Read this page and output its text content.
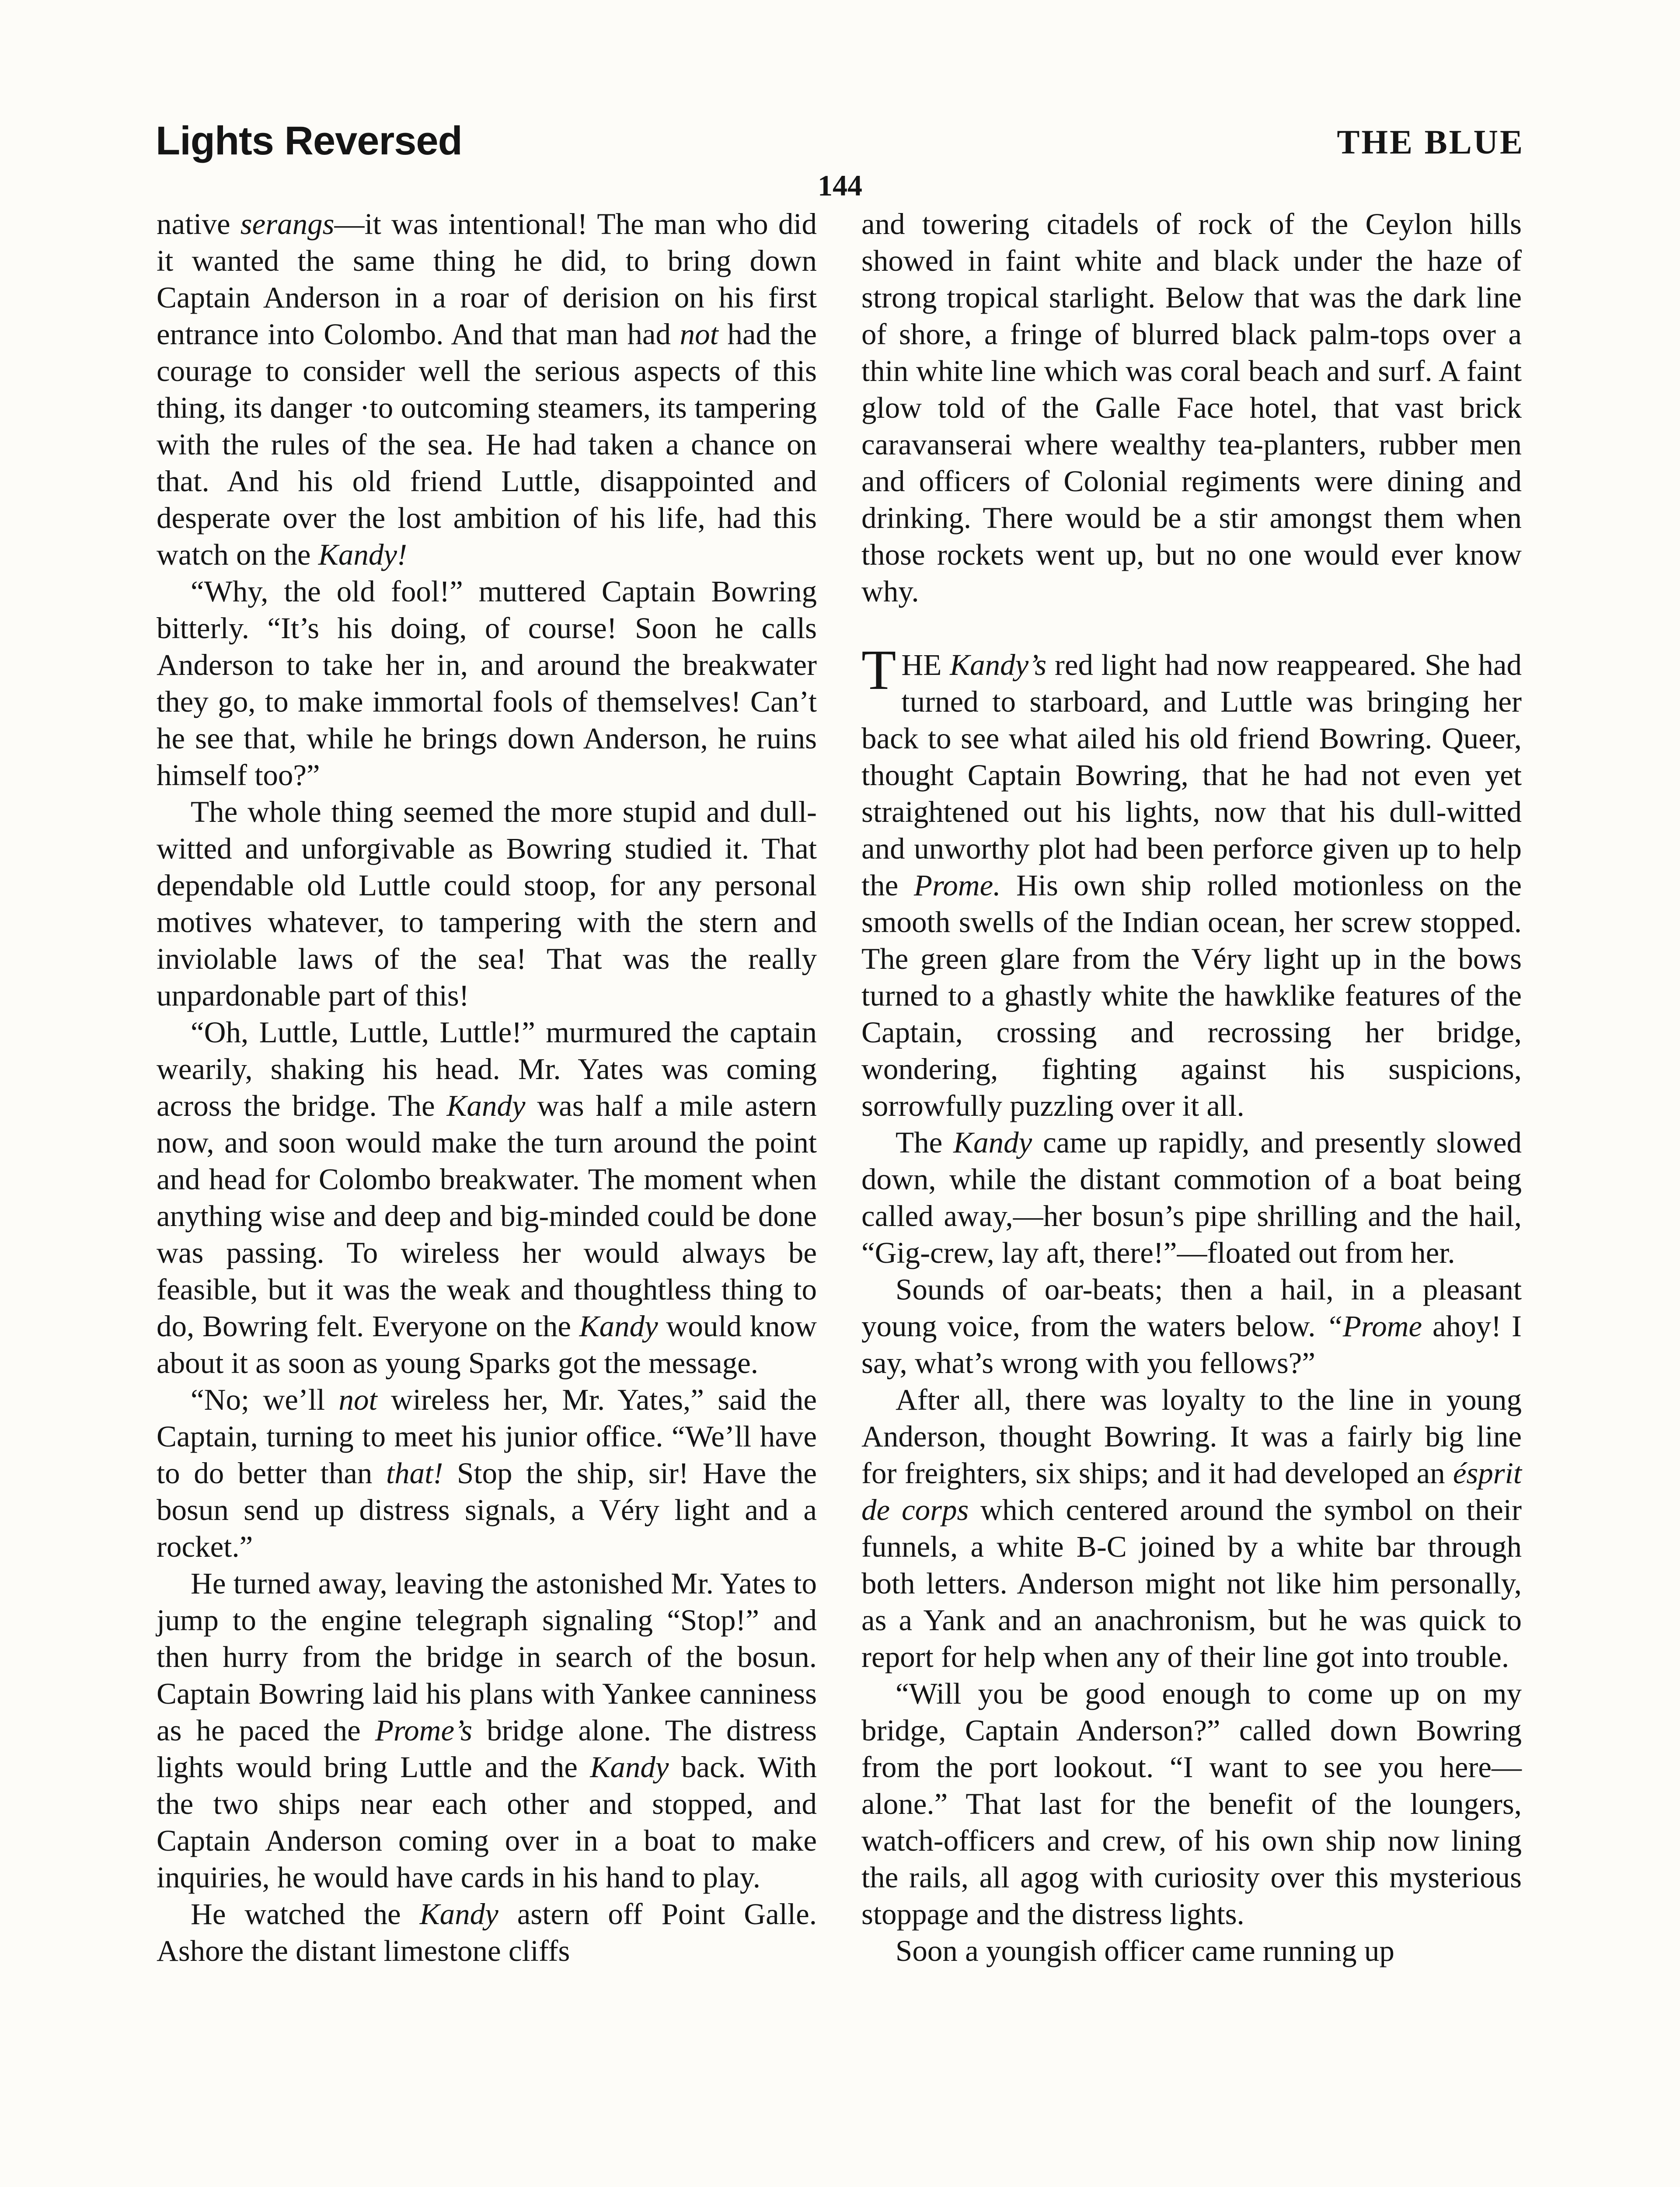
Lights Reversed	THE BLUE
144

native serangs—it was intentional! The man who did it wanted the same thing he did, to bring down Captain Anderson in a roar of derision on his first entrance into Colombo. And that man had not had the courage to consider well the serious aspects of this thing, its danger ·to outcoming steamers, its tampering with the rules of the sea. He had taken a chance on that. And his old friend Luttle, disappointed and desperate over the lost ambition of his life, had this watch on the Kandy!

“Why, the old fool!” muttered Captain Bowring bitterly. “It’s his doing, of course! Soon he calls Anderson to take her in, and around the breakwater they go, to make immortal fools of themselves! Can’t he see that, while he brings down Anderson, he ruins himself too?”

The whole thing seemed the more stupid and dull-witted and unforgivable as Bowring studied it. That dependable old Luttle could stoop, for any personal motives whatever, to tampering with the stern and inviolable laws of the sea! That was the really unpardonable part of this!

“Oh, Luttle, Luttle, Luttle!” murmured the captain wearily, shaking his head. Mr. Yates was coming across the bridge. The Kandy was half a mile astern now, and soon would make the turn around the point and head for Colombo breakwater. The moment when anything wise and deep and big-minded could be done was passing. To wireless her would always be feasible, but it was the weak and thoughtless thing to do, Bowring felt. Everyone on the Kandy would know about it as soon as young Sparks got the message.

“No; we’ll not wireless her, Mr. Yates,” said the Captain, turning to meet his junior office. “We’ll have to do better than that! Stop the ship, sir! Have the bosun send up distress signals, a Véry light and a rocket.”

He turned away, leaving the astonished Mr. Yates to jump to the engine telegraph signaling “Stop!” and then hurry from the bridge in search of the bosun. Captain Bowring laid his plans with Yankee canniness as he paced the Prome’s bridge alone. The distress lights would bring Luttle and the Kandy back. With the two ships near each other and stopped, and Captain Anderson coming over in a boat to make inquiries, he would have cards in his hand to play.

He watched the Kandy astern off Point Galle. Ashore the distant limestone cliffs

and towering citadels of rock of the Ceylon hills showed in faint white and black under the haze of strong tropical starlight. Below that was the dark line of shore, a fringe of blurred black palm-tops over a thin white line which was coral beach and surf. A faint glow told of the Galle Face hotel, that vast brick caravanserai where wealthy tea-planters, rubber men and officers of Colonial regiments were dining and drinking. There would be a stir amongst them when those rockets went up, but no one would ever know why.

THE Kandy’s red light had now reappeared. She had turned to starboard, and Luttle was bringing her back to see what ailed his old friend Bowring. Queer, thought Captain Bowring, that he had not even yet straightened out his lights, now that his dull-witted and unworthy plot had been perforce given up to help the Prome. His own ship rolled motionless on the smooth swells of the Indian ocean, her screw stopped. The green glare from the Véry light up in the bows turned to a ghastly white the hawklike features of the Captain, crossing and recrossing her bridge, wondering, fighting against his suspicions, sorrowfully puzzling over it all.

The Kandy came up rapidly, and presently slowed down, while the distant commotion of a boat being called away,—her bosun’s pipe shrilling and the hail, “Gig-crew, lay aft, there!”—floated out from her.

Sounds of oar-beats; then a hail, in a pleasant young voice, from the waters below. “Prome ahoy! I say, what’s wrong with you fellows?”

After all, there was loyalty to the line in young Anderson, thought Bowring. It was a fairly big line for freighters, six ships; and it had developed an ésprit de corps which centered around the symbol on their funnels, a white B-C joined by a white bar through both letters. Anderson might not like him personally, as a Yank and an anachronism, but he was quick to report for help when any of their line got into trouble.

“Will you be good enough to come up on my bridge, Captain Anderson?” called down Bowring from the port lookout. “I want to see you here—alone.” That last for the benefit of the loungers, watch-officers and crew, of his own ship now lining the rails, all agog with curiosity over this mysterious stoppage and the distress lights.

Soon a youngish officer came running up
